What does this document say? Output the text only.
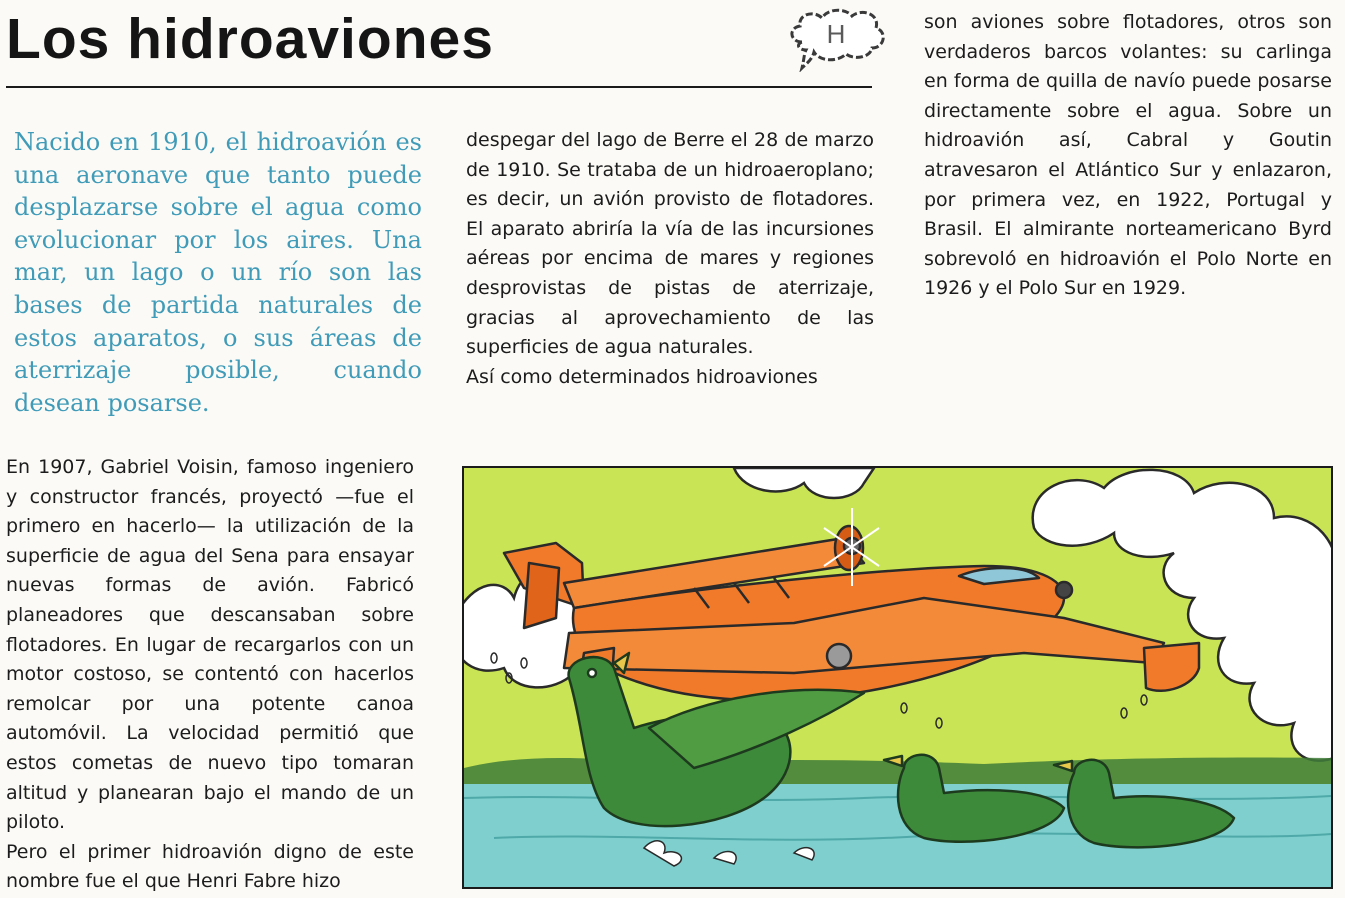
Los hidroaviones	H

Nacido en 1910, el hidroavión es una aeronave que tanto puede desplazarse sobre el agua como evolucionar por los aires. Una mar, un lago o un río son las bases de partida naturales de estos aparatos, o sus áreas de aterrizaje posible, cuando desean posarse.

En 1907, Gabriel Voisin, famoso ingeniero y constructor francés, proyectó —fue el primero en hacerlo— la utilización de la superficie de agua del Sena para ensayar nuevas formas de avión. Fabricó planeadores que descansaban sobre flotadores. En lugar de recargarlos con un motor costoso, se contentó con hacerlos remolcar por una potente canoa automóvil. La velocidad permitió que estos cometas de nuevo tipo tomaran altitud y planearan bajo el mando de un piloto.

Pero el primer hidroavión digno de este nombre fue el que Henri Fabre hizo

despegar del lago de Berre el 28 de marzo de 1910. Se trataba de un hidroaeroplano; es decir, un avión provisto de flotadores. El aparato abriría la vía de las incursiones aéreas por encima de mares y regiones desprovistas de pistas de aterrizaje, gracias al aprovechamiento de las superficies de agua naturales.

Así como determinados hidroaviones

son aviones sobre flotadores, otros son verdaderos barcos volantes: su carlinga en forma de quilla de navío puede posarse directamente sobre el agua. Sobre un hidroavión así, Cabral y Goutin atravesaron el Atlántico Sur y enlazaron, por primera vez, en 1922, Portugal y Brasil. El almirante norteamericano Byrd sobrevoló en hidroavión el Polo Norte en 1926 y el Polo Sur en 1929.
